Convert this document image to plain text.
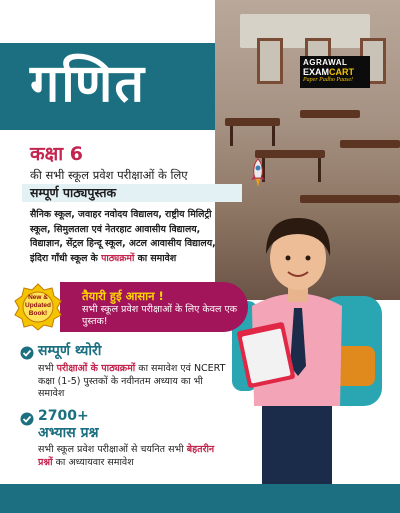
गणित	AGRAWAL
EXAMCART
Paper Padho Paase!
कक्षा 6
की सभी स्कूल प्रवेश परीक्षाओं के लिए
सम्पूर्ण पाठ्यपुस्तक
सैनिक स्कूल, जवाहर नवोदय विद्यालय, राष्ट्रीय मिलिट्री
स्कूल, सिमुलतला एवं नेतरहाट आवासीय विद्यालय,
विद्याज्ञान, सेंट्रल हिन्दू स्कूल, अटल आवासीय विद्यालय,
इंदिरा गाँधी स्कूल के पाठ्यक्रमों का समावेश
तैयारी हुई आसान !
सभी स्कूल प्रवेश परीक्षाओं के लिए केवल एक पुस्तक!
New &
Updated
Book!
सम्पूर्ण थ्योरी
सभी परीक्षाओं के पाठ्यक्रमों का समावेश एवं NCERT कक्षा (1-5) पुस्तकों के नवीनतम अध्याय का भी समावेश
2700+
अभ्यास प्रश्न
सभी स्कूल प्रवेश परीक्षाओं से चयनित सभी बेहतरीन प्रश्नों का अध्यायवार समावेश
